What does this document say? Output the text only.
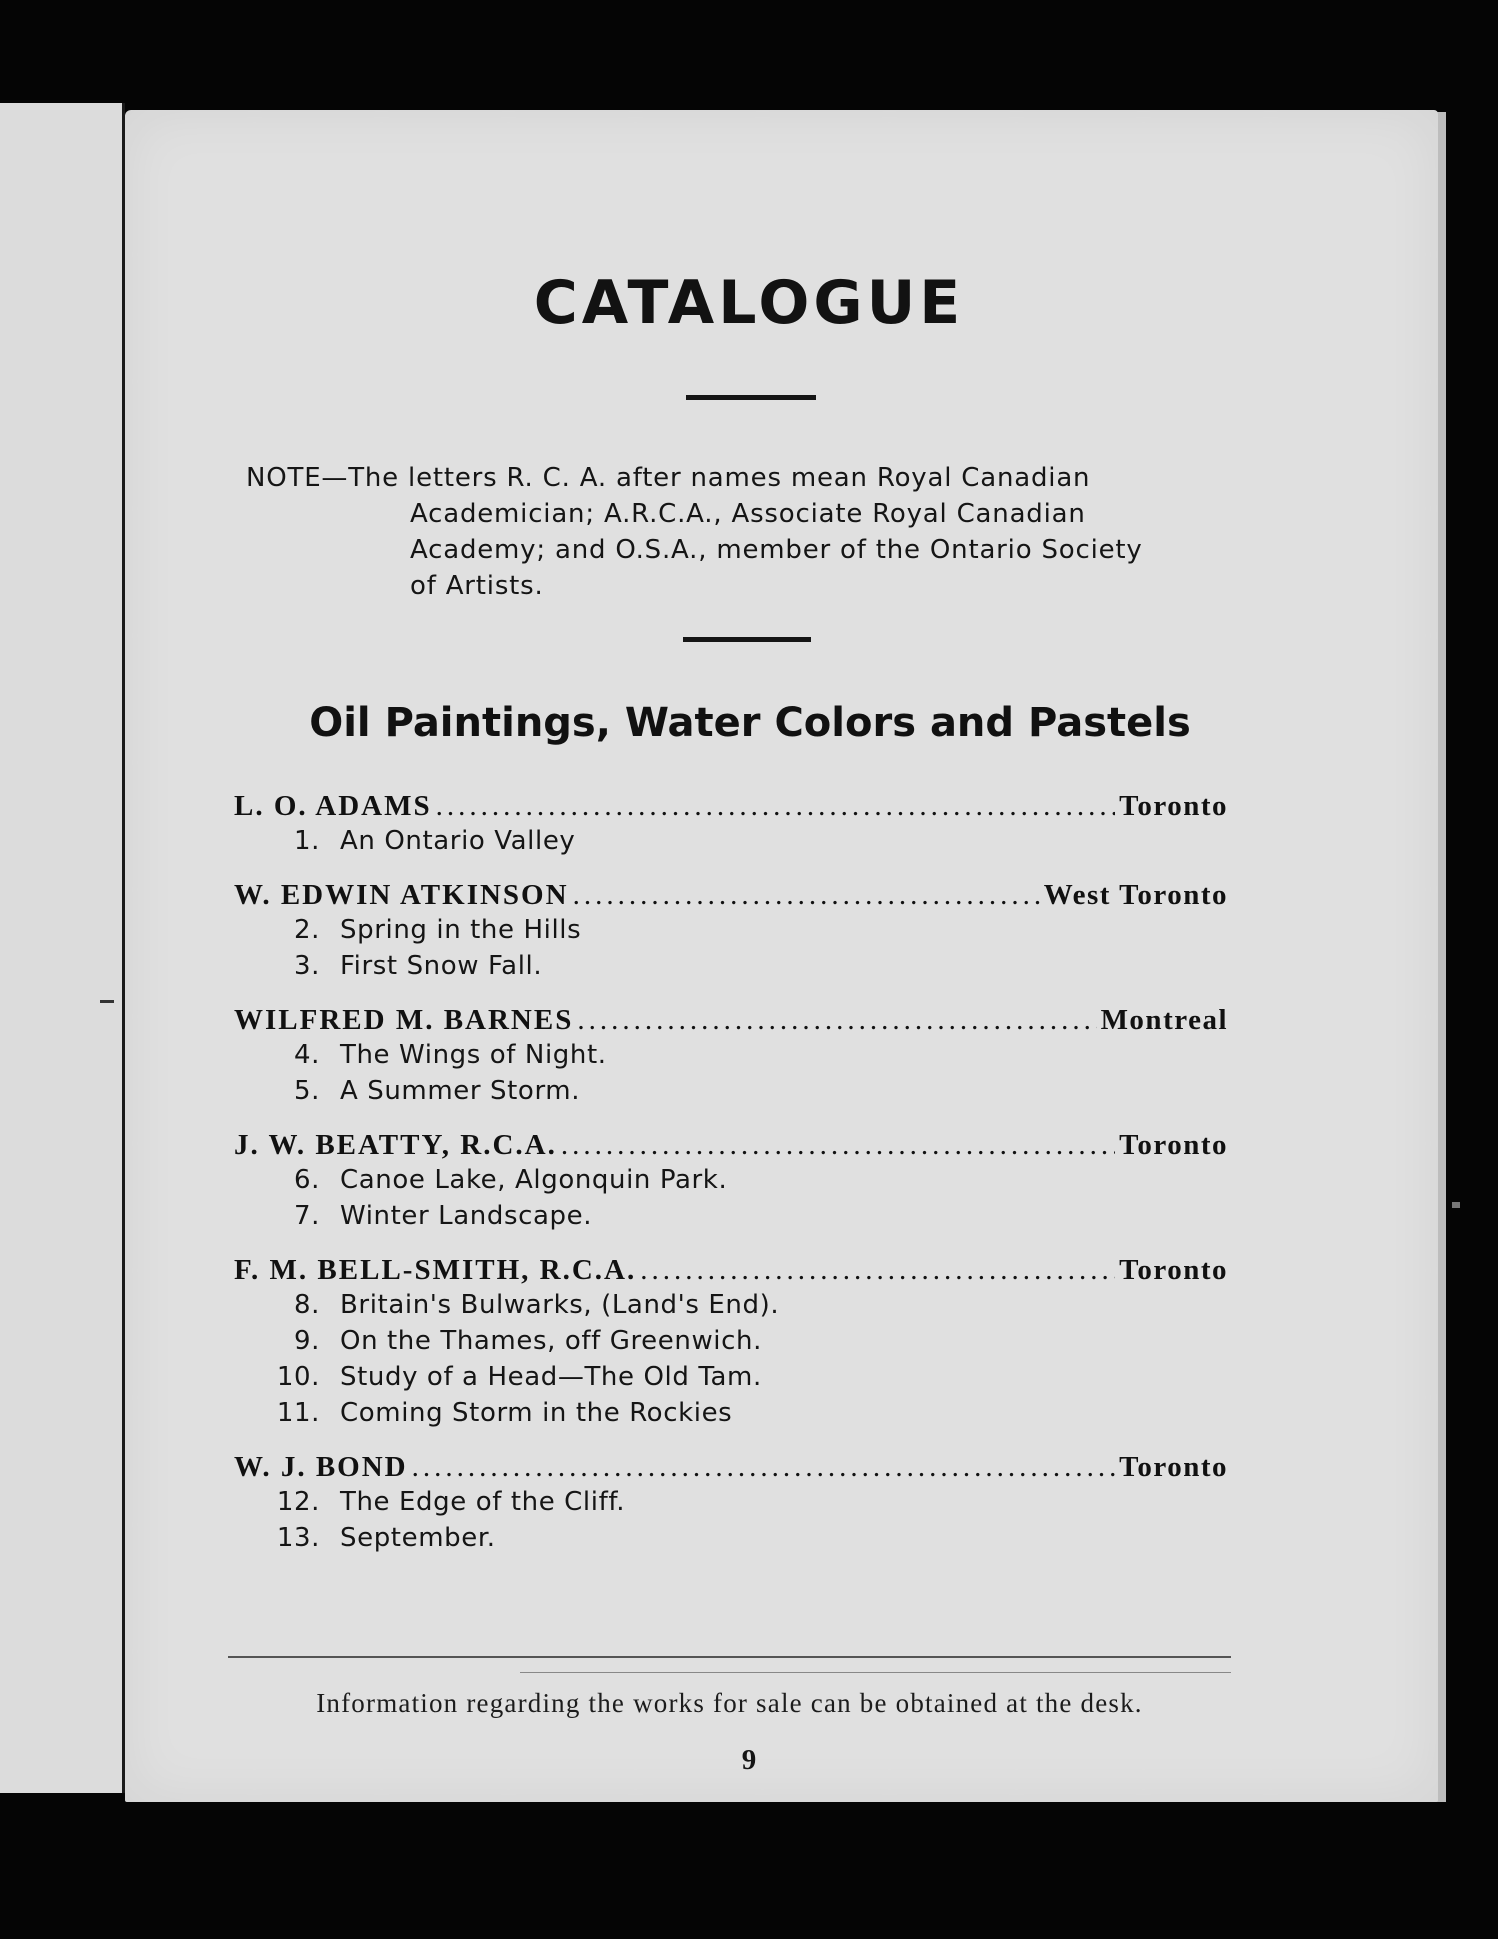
CATALOGUE

NOTE—The letters R. C. A. after names mean Royal Canadian

Academician; A.R.C.A., Associate Royal Canadian

Academy; and O.S.A., member of the Ontario Society

of Artists.

Oil Paintings, Water Colors and Pastels
L. O. ADAMS .....	Toronto
1. An Ontario Valley
W. EDWIN ATKINSON .....	West Toronto
2. Spring in the Hills
3. First Snow Fall.
WILFRED M. BARNES .....	Montreal
4. The Wings of Night.
5. A Summer Storm.
J. W. BEATTY, R.C.A. .....	Toronto
6. Canoe Lake, Algonquin Park.
7. Winter Landscape.
F. M. BELL-SMITH, R.C.A. .....	Toronto
8. Britain's Bulwarks, (Land's End).
9. On the Thames, off Greenwich.
10. Study of a Head—The Old Tam.
11. Coming Storm in the Rockies
W. J. BOND .....	Toronto
12. The Edge of the Cliff.
13. September.
Information regarding the works for sale can be obtained at the desk.
9
